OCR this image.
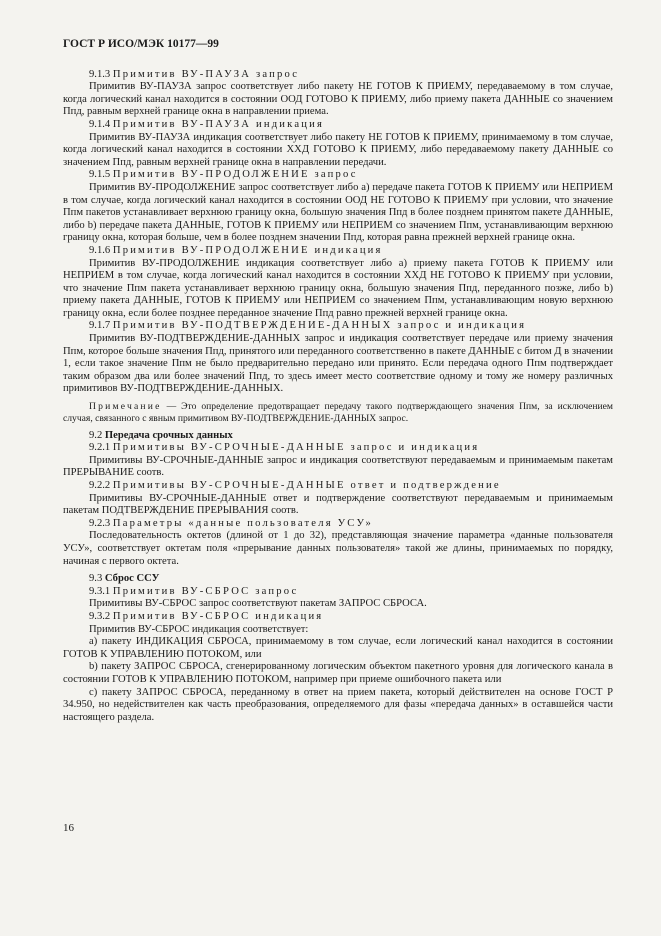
ГОСТ Р ИСО/МЭК 10177—99

9.1.3 Примитив ВУ-ПАУЗА запрос

Примитив ВУ-ПАУЗА запрос соответствует либо пакету НЕ ГОТОВ К ПРИЕМУ, передаваемому в том случае, когда логический канал находится в состоянии ООД ГОТОВО К ПРИЕМУ, либо приему пакета ДАННЫЕ со значением Ппд, равным верхней границе окна в направлении приема.

9.1.4 Примитив ВУ-ПАУЗА индикация

Примитив ВУ-ПАУЗА индикация соответствует либо пакету НЕ ГОТОВ К ПРИЕМУ, принимаемому в том случае, когда логический канал находится в состоянии ХХД ГОТОВО К ПРИЕМУ, либо передаваемому пакету ДАННЫЕ со значением Ппд, равным верхней границе окна в направлении передачи.

9.1.5 Примитив ВУ-ПРОДОЛЖЕНИЕ запрос

Примитив ВУ-ПРОДОЛЖЕНИЕ запрос соответствует либо а) передаче пакета ГОТОВ К ПРИЕМУ или НЕПРИЕМ в том случае, когда логический канал находится в состоянии ООД НЕ ГОТОВО К ПРИЕМУ при условии, что значение Ппм пакетов устанавливает верхнюю границу окна, большую значения Ппд в более позднем принятом пакете ДАННЫЕ, либо b) передаче пакета ДАННЫЕ, ГОТОВ К ПРИЕМУ или НЕПРИЕМ со значением Ппм, устанавливающим верхнюю границу окна, которая больше, чем в более позднем значении Ппд, которая равна прежней верхней границе окна.

9.1.6 Примитив ВУ-ПРОДОЛЖЕНИЕ индикация

Примитив ВУ-ПРОДОЛЖЕНИЕ индикация соответствует либо а) приему пакета ГОТОВ К ПРИЕМУ или НЕПРИЕМ в том случае, когда логический канал находится в состоянии ХХД НЕ ГОТОВО К ПРИЕМУ при условии, что значение Ппм пакета устанавливает верхнюю границу окна, большую значения Ппд, переданного позже, либо b) приему пакета ДАННЫЕ, ГОТОВ К ПРИЕМУ или НЕПРИЕМ со значением Ппм, устанавливающим новую верхнюю границу окна, если более позднее переданное значение Ппд равно прежней верхней границе окна.

9.1.7 Примитив ВУ-ПОДТВЕРЖДЕНИЕ-ДАННЫХ запрос и индикация

Примитив ВУ-ПОДТВЕРЖДЕНИЕ-ДАННЫХ запрос и индикация соответствует передаче или приему значения Ппм, которое больше значения Ппд, принятого или переданного соответственно в пакете ДАННЫЕ с битом Д в значении 1, если такое значение Ппм не было предварительно передано или принято. Если передача одного Ппм подтверждает таким образом два или более значений Ппд, то здесь имеет место соответствие одному и тому же номеру различных примитивов ВУ-ПОДТВЕРЖДЕНИЕ-ДАННЫХ.

Примечание — Это определение предотвращает передачу такого подтверждающего значения Ппм, за исключением случая, связанного с явным примитивом ВУ-ПОДТВЕРЖДЕНИЕ-ДАННЫХ запрос.

9.2 Передача срочных данных

9.2.1 Примитивы ВУ-СРОЧНЫЕ-ДАННЫЕ запрос и индикация

Примитивы ВУ-СРОЧНЫЕ-ДАННЫЕ запрос и индикация соответствуют передаваемым и принимаемым пакетам ПРЕРЫВАНИЕ соотв.

9.2.2 Примитивы ВУ-СРОЧНЫЕ-ДАННЫЕ ответ и подтверждение

Примитивы ВУ-СРОЧНЫЕ-ДАННЫЕ ответ и подтверждение соответствуют передаваемым и принимаемым пакетам ПОДТВЕРЖДЕНИЕ ПРЕРЫВАНИЯ соотв.

9.2.3 Параметры «данные пользователя УСУ»

Последовательность октетов (длиной от 1 до 32), представляющая значение параметра «данные пользователя УСУ», соответствует октетам поля «прерывание данных пользователя» такой же длины, принимаемых по порядку, начиная с первого октета.

9.3 Сброс ССУ

9.3.1 Примитив ВУ-СБРОС запрос

Примитивы ВУ-СБРОС запрос соответствуют пакетам ЗАПРОС СБРОСА.

9.3.2 Примитив ВУ-СБРОС индикация

Примитив ВУ-СБРОС индикация соответствует:

а) пакету ИНДИКАЦИЯ СБРОСА, принимаемому в том случае, если логический канал находится в состоянии ГОТОВ К УПРАВЛЕНИЮ ПОТОКОМ, или

b) пакету ЗАПРОС СБРОСА, сгенерированному логическим объектом пакетного уровня для логического канала в состоянии ГОТОВ К УПРАВЛЕНИЮ ПОТОКОМ, например при приеме ошибочного пакета или

с) пакету ЗАПРОС СБРОСА, переданному в ответ на прием пакета, который действителен на основе ГОСТ Р 34.950, но недействителен как часть преобразования, определяемого для фазы «передача данных» в оставшейся части настоящего раздела.

16
